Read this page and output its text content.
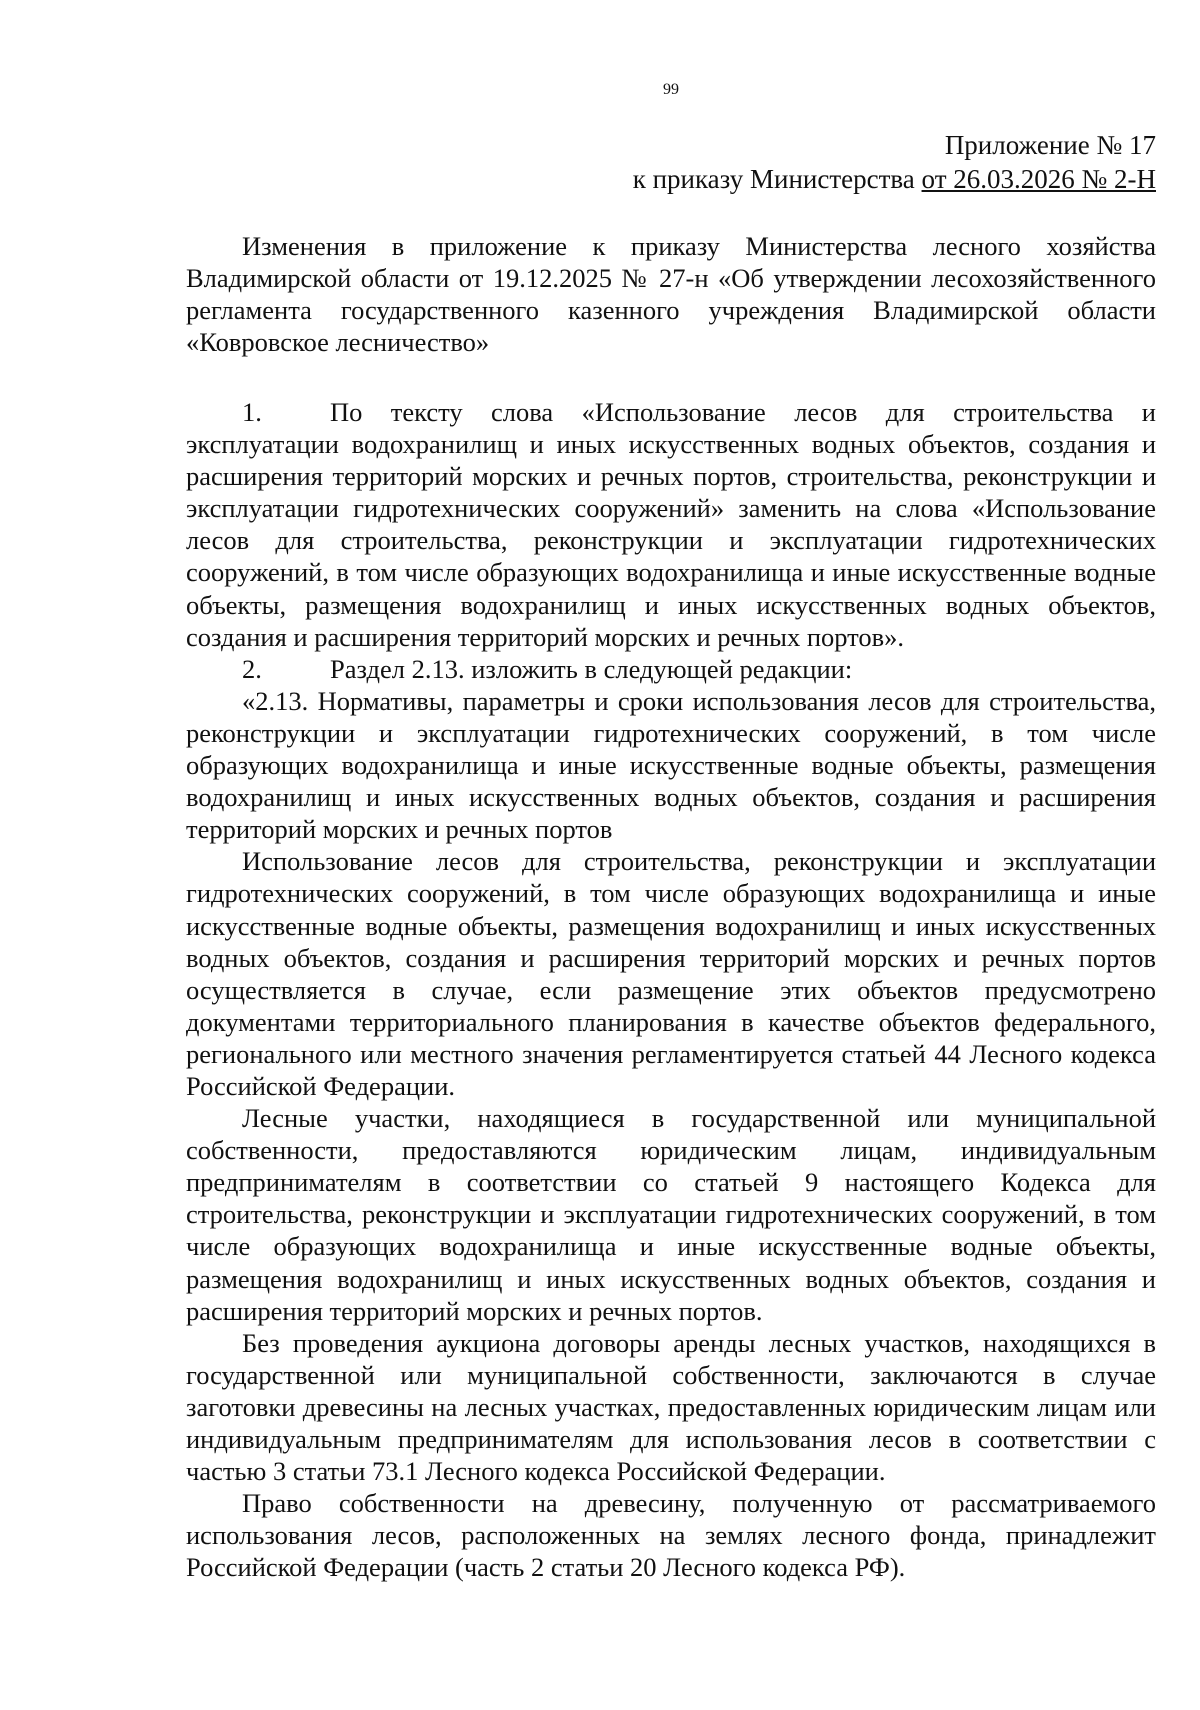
99
Приложение № 17
к приказу Министерства от 26.03.2026 № 2-Н

Изменения в приложение к приказу Министерства лесного хозяйства Владимирской области от 19.12.2025 № 27-н «Об утверждении лесохозяйственного регламента государственного казенного учреждения Владимирской области «Ковровское лесничество»

1.	По тексту слова «Использование лесов для строительства и эксплуатации водохранилищ и иных искусственных водных объектов, создания и расширения территорий морских и речных портов, строительства, реконструкции и эксплуатации гидротехнических сооружений» заменить на слова «Использование лесов для строительства, реконструкции и эксплуатации гидротехнических сооружений, в том числе образующих водохранилища и иные искусственные водные объекты, размещения водохранилищ и иных искусственных водных объектов, создания и расширения территорий морских и речных портов».

2.	Раздел 2.13. изложить в следующей редакции:

«2.13. Нормативы, параметры и сроки использования лесов для строительства, реконструкции и эксплуатации гидротехнических сооружений, в том числе образующих водохранилища и иные искусственные водные объекты, размещения водохранилищ и иных искусственных водных объектов, создания и расширения территорий морских и речных портов

Использование лесов для строительства, реконструкции и эксплуатации гидротехнических сооружений, в том числе образующих водохранилища и иные искусственные водные объекты, размещения водохранилищ и иных искусственных водных объектов, создания и расширения территорий морских и речных портов осуществляется в случае, если размещение этих объектов предусмотрено документами территориального планирования в качестве объектов федерального, регионального или местного значения регламентируется статьей 44 Лесного кодекса Российской Федерации.

Лесные участки, находящиеся в государственной или муниципальной собственности, предоставляются юридическим лицам, индивидуальным предпринимателям в соответствии со статьей 9 настоящего Кодекса для строительства, реконструкции и эксплуатации гидротехнических сооружений, в том числе образующих водохранилища и иные искусственные водные объекты, размещения водохранилищ и иных искусственных водных объектов, создания и расширения территорий морских и речных портов.

Без проведения аукциона договоры аренды лесных участков, находящихся в государственной или муниципальной собственности, заключаются в случае заготовки древесины на лесных участках, предоставленных юридическим лицам или индивидуальным предпринимателям для использования лесов в соответствии с частью 3 статьи 73.1 Лесного кодекса Российской Федерации.

Право собственности на древесину, полученную от рассматриваемого использования лесов, расположенных на землях лесного фонда, принадлежит Российской Федерации (часть 2 статьи 20 Лесного кодекса РФ).
